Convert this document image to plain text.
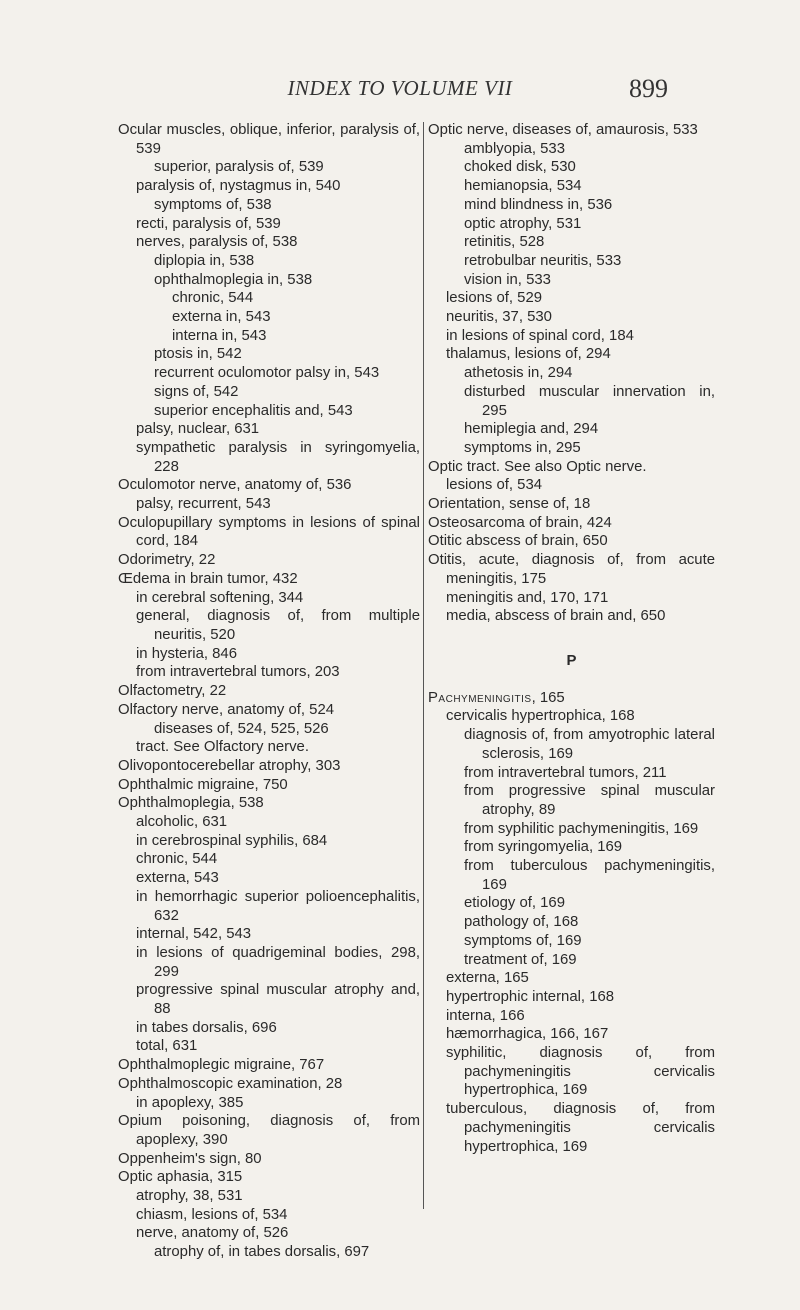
INDEX TO VOLUME VII	899
Ocular muscles, oblique, inferior, paralysis of, 539
superior, paralysis of, 539
paralysis of, nystagmus in, 540
symptoms of, 538
recti, paralysis of, 539
nerves, paralysis of, 538
diplopia in, 538
ophthalmoplegia in, 538
chronic, 544
externa in, 543
interna in, 543
ptosis in, 542
recurrent oculomotor palsy in, 543
signs of, 542
superior encephalitis and, 543
palsy, nuclear, 631
sympathetic paralysis in syringomyelia, 228
Oculomotor nerve, anatomy of, 536
palsy, recurrent, 543
Oculopupillary symptoms in lesions of spinal cord, 184
Odorimetry, 22
Œdema in brain tumor, 432
in cerebral softening, 344
general, diagnosis of, from multiple neuritis, 520
in hysteria, 846
from intravertebral tumors, 203
Olfactometry, 22
Olfactory nerve, anatomy of, 524
diseases of, 524, 525, 526
tract. See Olfactory nerve.
Olivopontocerebellar atrophy, 303
Ophthalmic migraine, 750
Ophthalmoplegia, 538
alcoholic, 631
in cerebrospinal syphilis, 684
chronic, 544
externa, 543
in hemorrhagic superior polioencephalitis, 632
internal, 542, 543
in lesions of quadrigeminal bodies, 298, 299
progressive spinal muscular atrophy and, 88
in tabes dorsalis, 696
total, 631
Ophthalmoplegic migraine, 767
Ophthalmoscopic examination, 28
in apoplexy, 385
Opium poisoning, diagnosis of, from apoplexy, 390
Oppenheim's sign, 80
Optic aphasia, 315
atrophy, 38, 531
chiasm, lesions of, 534
nerve, anatomy of, 526
atrophy of, in tabes dorsalis, 697
Optic nerve, diseases of, amaurosis, 533
amblyopia, 533
choked disk, 530
hemianopsia, 534
mind blindness in, 536
optic atrophy, 531
retinitis, 528
retrobulbar neuritis, 533
vision in, 533
lesions of, 529
neuritis, 37, 530
in lesions of spinal cord, 184
thalamus, lesions of, 294
athetosis in, 294
disturbed muscular innervation in, 295
hemiplegia and, 294
symptoms in, 295
Optic tract. See also Optic nerve.
lesions of, 534
Orientation, sense of, 18
Osteosarcoma of brain, 424
Otitic abscess of brain, 650
Otitis, acute, diagnosis of, from acute meningitis, 175
meningitis and, 170, 171
media, abscess of brain and, 650
P
Pachymeningitis, 165
cervicalis hypertrophica, 168
diagnosis of, from amyotrophic lateral sclerosis, 169
from intravertebral tumors, 211
from progressive spinal muscular atrophy, 89
from syphilitic pachymeningitis, 169
from syringomyelia, 169
from tuberculous pachymeningitis, 169
etiology of, 169
pathology of, 168
symptoms of, 169
treatment of, 169
externa, 165
hypertrophic internal, 168
interna, 166
hæmorrhagica, 166, 167
syphilitic, diagnosis of, from pachymeningitis cervicalis hypertrophica, 169
tuberculous, diagnosis of, from pachymeningitis cervicalis hypertrophica, 169
